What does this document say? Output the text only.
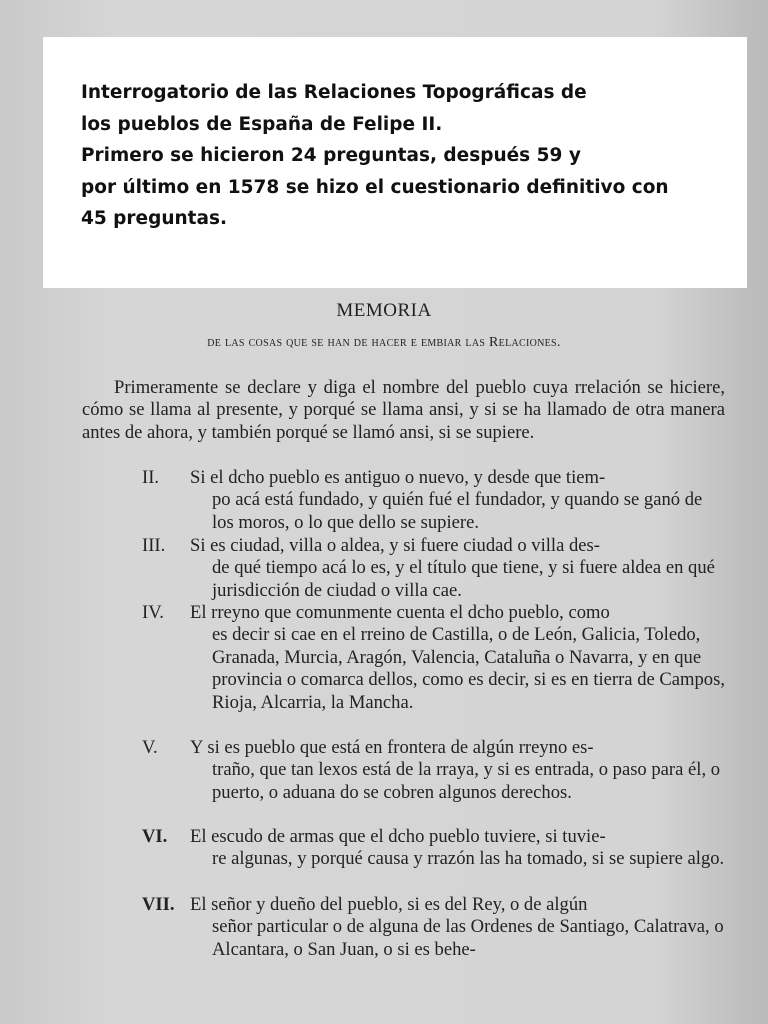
Interrogatorio de las Relaciones Topográficas de

los pueblos de España de Felipe II.

Primero se hicieron 24 preguntas, después 59 y

por último en 1578 se hizo el cuestionario definitivo con

45 preguntas.

MEMORIA
de las cosas que se han de hacer e embiar las Relaciones.

Primeramente se declare y diga el nombre del pueblo cuya rrelación se hiciere, cómo se llama al presente, y porqué se llama ansi, y si se ha llamado de otra manera antes de ahora, y también porqué se llamó ansi, si se supiere.

II.	Si el dcho pueblo es antiguo o nuevo, y desde que tiem-
po acá está fundado, y quién fué el fundador, y quando se ganó de los moros, o lo que dello se supiere.
III.	Si es ciudad, villa o aldea, y si fuere ciudad o villa des-
de qué tiempo acá lo es, y el título que tiene, y si fuere aldea en qué jurisdicción de ciudad o villa cae.
IV.	El rreyno que comunmente cuenta el dcho pueblo, como
es decir si cae en el rreino de Castilla, o de León, Galicia, Toledo, Granada, Murcia, Aragón, Valencia, Cataluña o Navarra, y en que provincia o comarca dellos, como es decir, si es en tierra de Campos, Rioja, Alcarria, la Mancha.
V.	Y si es pueblo que está en frontera de algún rreyno es-
traño, que tan lexos está de la rraya, y si es entrada, o paso para él, o puerto, o aduana do se cobren algunos derechos.
VI.	El escudo de armas que el dcho pueblo tuviere, si tuvie-
re algunas, y porqué causa y rrazón las ha tomado, si se supiere algo.
VII. El señor y dueño del pueblo, si es del Rey, o de algún
señor particular o de alguna de las Ordenes de Santiago, Calatrava, o Alcantara, o San Juan, o si es behe-
